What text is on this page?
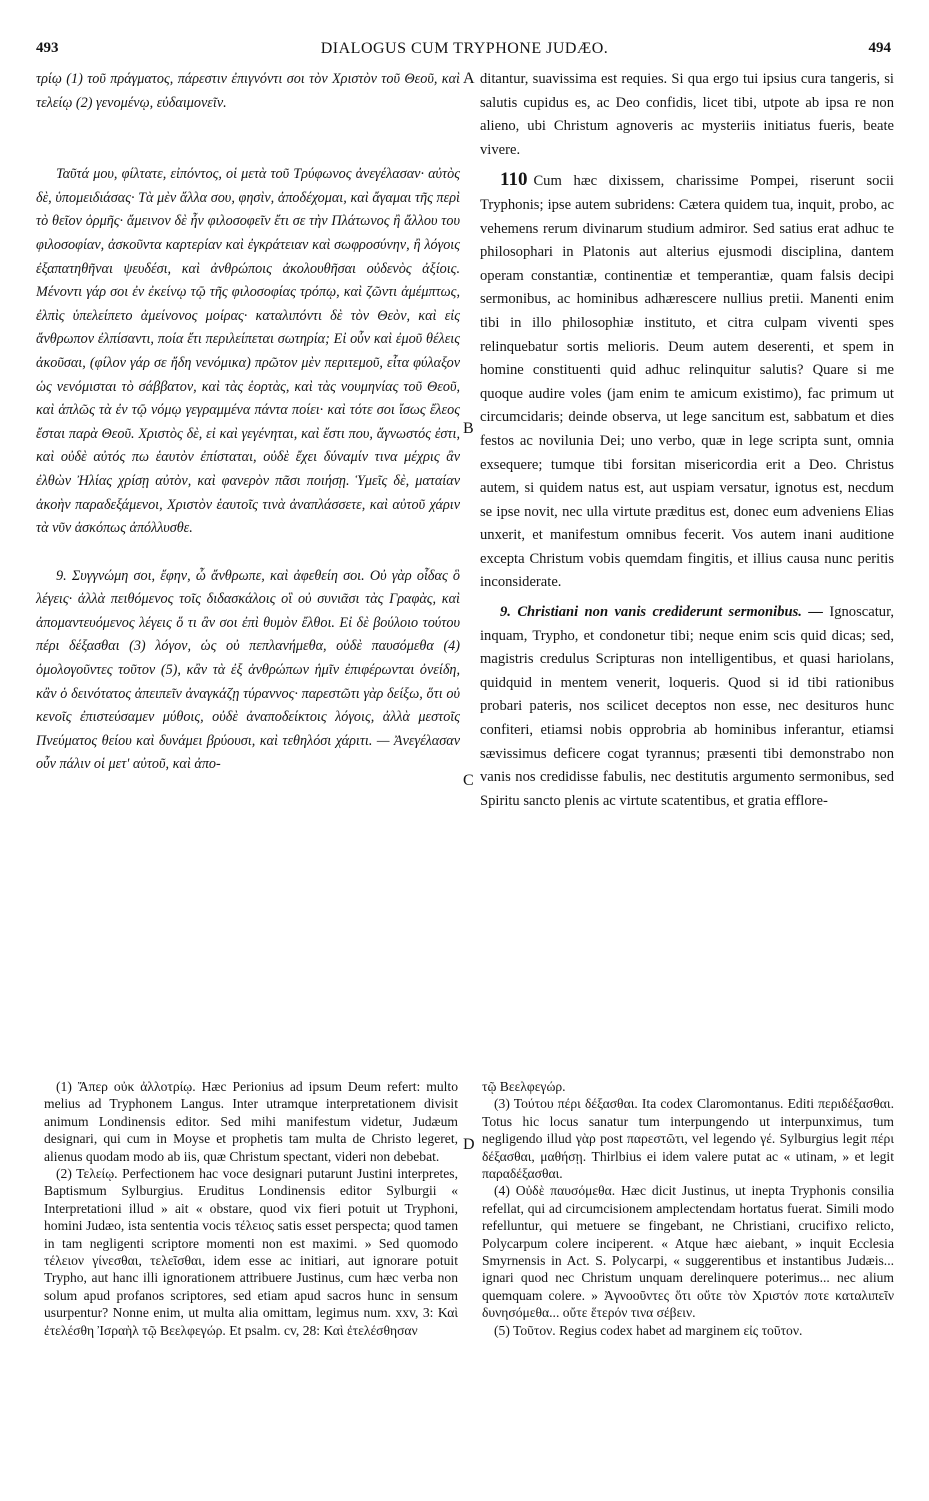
493	DIALOGUS CUM TRYPHONE JUDÆO.	494

τρίῳ (1) τοῦ πράγματος, πάρεστιν ἐπιγνόντι σοι τὸν Χριστὸν τοῦ Θεοῦ, καὶ τελείῳ (2) γενομένῳ, εὐδαιμονεῖν.

Ταῦτά μου, φίλτατε, εἰπόντος, οἱ μετὰ τοῦ Τρύφωνος ἀνεγέλασαν· αὐτὸς δὲ, ὑπομειδιάσας· Τὰ μὲν ἄλλα σου, φησὶν, ἀποδέχομαι, καὶ ἄγαμαι τῆς περὶ τὸ θεῖον ὁρμῆς· ἄμεινον δὲ ἦν φιλοσοφεῖν ἔτι σε τὴν Πλάτωνος ἢ ἄλλου του φιλοσοφίαν, ἀσκοῦντα καρτερίαν καὶ ἐγκράτειαν καὶ σωφροσύνην, ἢ λόγοις ἐξαπατηθῆναι ψευδέσι, καὶ ἀνθρώποις ἀκολουθῆσαι οὐδενὸς ἀξίοις. Μένοντι γάρ σοι ἐν ἐκείνῳ τῷ τῆς φιλοσοφίας τρόπῳ, καὶ ζῶντι ἀμέμπτως, ἐλπὶς ὑπελείπετο ἀμείνονος μοίρας· καταλιπόντι δὲ τὸν Θεὸν, καὶ εἰς ἄνθρωπον ἐλπίσαντι, ποία ἔτι περιλείπεται σωτηρία; Εἰ οὖν καὶ ἐμοῦ θέλεις ἀκοῦσαι, (φίλον γάρ σε ἤδη νενόμικα) πρῶτον μὲν περιτεμοῦ, εἶτα φύλαξον ὡς νενόμισται τὸ σάββατον, καὶ τὰς ἑορτὰς, καὶ τὰς νουμηνίας τοῦ Θεοῦ, καὶ ἁπλῶς τὰ ἐν τῷ νόμῳ γεγραμμένα πάντα ποίει· καὶ τότε σοι ἴσως ἔλεος ἔσται παρὰ Θεοῦ. Χριστὸς δὲ, εἰ καὶ γεγένηται, καὶ ἔστι που, ἄγνωστός ἐστι, καὶ οὐδὲ αὐτός πω ἑαυτὸν ἐπίσταται, οὐδὲ ἔχει δύναμίν τινα μέχρις ἂν ἐλθὼν Ἠλίας χρίσῃ αὐτὸν, καὶ φανερὸν πᾶσι ποιήσῃ. Ὑμεῖς δὲ, ματαίαν ἀκοὴν παραδεξάμενοι, Χριστὸν ἑαυτοῖς τινὰ ἀναπλάσσετε, καὶ αὐτοῦ χάριν τὰ νῦν ἀσκόπως ἀπόλλυσθε.

9. Συγγνώμη σοι, ἔφην, ὦ ἄνθρωπε, καὶ ἀφεθείη σοι. Οὐ γὰρ οἶδας ὃ λέγεις· ἀλλὰ πειθόμενος τοῖς διδασκάλοις οἳ οὐ συνιᾶσι τὰς Γραφὰς, καὶ ἀπομαντευόμενος λέγεις ὅ τι ἂν σοι ἐπὶ θυμὸν ἔλθοι. Εἰ δὲ βούλοιο τούτου πέρι δέξασθαι (3) λόγον, ὡς οὐ πεπλανήμεθα, οὐδὲ παυσόμεθα (4) ὁμολογοῦντες τοῦτον (5), κἂν τὰ ἐξ ἀνθρώπων ἡμῖν ἐπιφέρωνται ὀνείδη, κἂν ὁ δεινότατος ἀπειπεῖν ἀναγκάζῃ τύραννος· παρεστῶτι γὰρ δείξω, ὅτι οὐ κενοῖς ἐπιστεύσαμεν μύθοις, οὐδὲ ἀναποδείκτοις λόγοις, ἀλλὰ μεστοῖς Πνεύματος θείου καὶ δυνάμει βρύουσι, καὶ τεθηλόσι χάριτι. — Ἀνεγέλασαν οὖν πάλιν οἱ μετ' αὐτοῦ, καὶ ἀπο-

ditantur, suavissima est requies. Si qua ergo tui ipsius cura tangeris, si salutis cupidus es, ac Deo confidis, licet tibi, utpote ab ipsa re non alieno, ubi Christum agnoveris ac mysteriis initiatus fueris, beate vivere.

110 Cum hæc dixissem, charissime Pompei, riserunt socii Tryphonis; ipse autem subridens: Cætera quidem tua, inquit, probo, ac vehemens rerum divinarum studium admiror. Sed satius erat adhuc te philosophari in Platonis aut alterius ejusmodi disciplina, dantem operam constantiæ, continentiæ et temperantiæ, quam falsis decipi sermonibus, ac hominibus adhærescere nullius pretii. Manenti enim tibi in illo philosophiæ instituto, et citra culpam viventi spes relinquebatur sortis melioris. Deum autem deserenti, et spem in homine constituenti quid adhuc relinquitur salutis? Quare si me quoque audire voles (jam enim te amicum existimo), fac primum ut circumcidaris; deinde observa, ut lege sancitum est, sabbatum et dies festos ac novilunia Dei; uno verbo, quæ in lege scripta sunt, omnia exsequere; tumque tibi forsitan misericordia erit a Deo. Christus autem, si quidem natus est, aut uspiam versatur, ignotus est, necdum se ipse novit, nec ulla virtute præditus est, donec eum adveniens Elias unxerit, et manifestum omnibus fecerit. Vos autem inani auditione excepta Christum vobis quemdam fingitis, et illius causa nunc peritis inconsiderate.

9. Christiani non vanis crediderunt sermonibus. — Ignoscatur, inquam, Trypho, et condonetur tibi; neque enim scis quid dicas; sed, magistris credulus Scripturas non intelligentibus, et quasi hariolans, quidquid in mentem venerit, loqueris. Quod si id tibi rationibus probari pateris, nos scilicet deceptos non esse, nec desituros hunc confiteri, etiamsi nobis opprobria ab hominibus inferantur, etiamsi sævissimus deficere cogat tyrannus; præsenti tibi demonstrabo non vanis nos credidisse fabulis, nec destitutis argumento sermonibus, sed Spiritu sancto plenis ac virtute scatentibus, et gratia efflore-

A
B
C
D

(1) Ἄπερ οὐκ ἀλλοτρίῳ. Hæc Perionius ad ipsum Deum refert: multo melius ad Tryphonem Langus. Inter utramque interpretationem divisit animum Londinensis editor. Sed mihi manifestum videtur, Judæum designari, qui cum in Moyse et prophetis tam multa de Christo legeret, alienus quodam modo ab iis, quæ Christum spectant, videri non debebat.

(2) Τελείῳ. Perfectionem hac voce designari putarunt Justini interpretes, Baptismum Sylburgius. Eruditus Londinensis editor Sylburgii « Interpretationi illud » ait « obstare, quod vix fieri potuit ut Tryphoni, homini Judæo, ista sententia vocis τέλειος satis esset perspecta; quod tamen in tam negligenti scriptore momenti non est maximi. » Sed quomodo τέλειον γίνεσθαι, τελεῖσθαι, idem esse ac initiari, aut ignorare potuit Trypho, aut hanc illi ignorationem attribuere Justinus, cum hæc verba non solum apud profanos scriptores, sed etiam apud sacros hunc in sensum usurpentur? Nonne enim, ut multa alia omittam, legimus num. xxv, 3: Καὶ ἐτελέσθη Ἰσραὴλ τῷ Βεελφεγώρ. Et psalm. cv, 28: Καὶ ἐτελέσθησαν

τῷ Βεελφεγώρ.

(3) Τούτου πέρι δέξασθαι. Ita codex Claromontanus. Editi περιδέξασθαι. Totus hic locus sanatur tum interpungendo ut interpunximus, tum negligendo illud γὰρ post παρεστῶτι, vel legendo γέ. Sylburgius legit πέρι δέξασθαι, μαθήσῃ. Thirlbius ei idem valere putat ac « utinam, » et legit παραδέξασθαι.

(4) Οὐδὲ παυσόμεθα. Hæc dicit Justinus, ut inepta Tryphonis consilia refellat, qui ad circumcisionem amplectendam hortatus fuerat. Simili modo refelluntur, qui metuere se fingebant, ne Christiani, crucifixo relicto, Polycarpum colere inciperent. « Atque hæc aiebant, » inquit Ecclesia Smyrnensis in Act. S. Polycarpi, « suggerentibus et instantibus Judæis... ignari quod nec Christum unquam derelinquere poterimus... nec alium quemquam colere. » Ἀγνοοῦντες ὅτι οὔτε τὸν Χριστόν ποτε καταλιπεῖν δυνησόμεθα... οὔτε ἕτερόν τινα σέβειν.

(5) Τοῦτον. Regius codex habet ad marginem εἰς τοῦτον.
